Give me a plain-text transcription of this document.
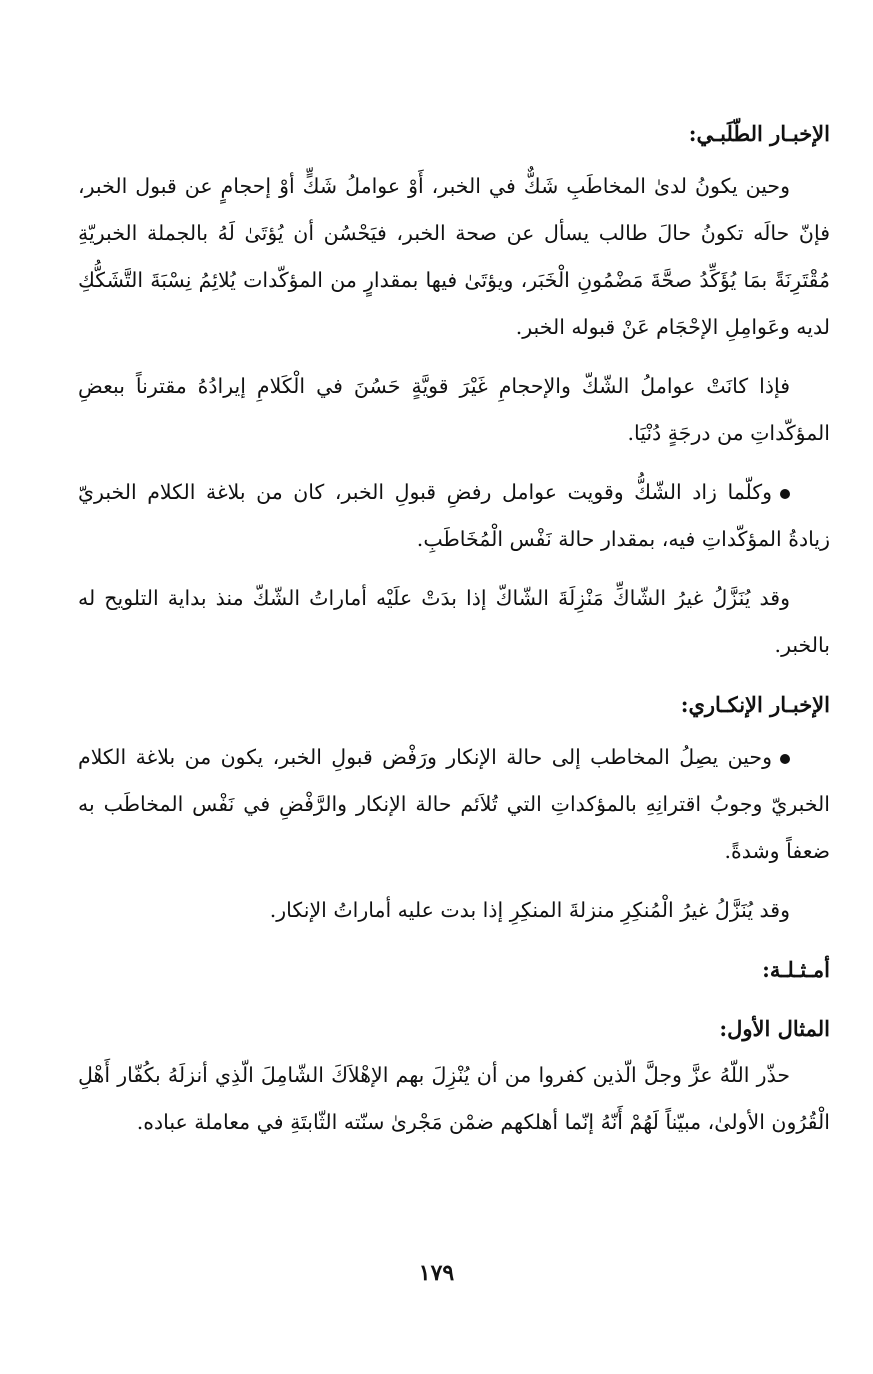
الإخبـار الطّلَبـي:

وحين يكونُ لدىٰ المخاطَبِ شَكٌّ في الخبر، أَوْ عواملُ شَكٍّ أوْ إحجامٍ عن قبول الخبر، فإنّ حالَه تكونُ حالَ طالب يسأل عن صحة الخبر، فيَحْسُن أن يُؤتَىٰ لَهُ بالجملة الخبريّةِ مُقْتَرِنَةً بمَا يُؤَكِّدُ صحَّةَ مَضْمُونِ الْخَبَر، ويؤتَىٰ فيها بمقدارٍ من المؤكّدات يُلائِمُ نِسْبَةَ التَّشَكُّكِ لديه وعَوامِلِ الإحْجَام عَنْ قبوله الخبر.

فإذا كانَتْ عواملُ الشّكّ والإحجامِ غَيْرَ قويَّةٍ حَسُنَ في الْكَلامِ إيرادُهُ مقترناً ببعضِ المؤكّداتِ من درجَةٍ دُنْيَا.

وكلّما زاد الشّكُّ وقويت عوامل رفضِ قبولِ الخبر، كان من بلاغة الكلام الخبريّ زيادةُ المؤكّداتِ فيه، بمقدار حالة نَفْس الْمُخَاطَبِ.

وقد يُنَزَّلُ غيرُ الشّاكِّ مَنْزِلَةَ الشّاكّ إذا بدَتْ علَيْه أماراتُ الشّكّ منذ بداية التلويح له بالخبر.

الإخبـار الإنكـاري:

وحين يصِلُ المخاطب إلى حالة الإنكار ورَفْض قبولِ الخبر، يكون من بلاغة الكلام الخبريّ وجوبُ اقترانِهِ بالمؤكداتِ التي تُلاَئم حالة الإنكار والرَّفْضِ في نَفْس المخاطَب به ضعفاً وشدةً.

وقد يُنَزَّلُ غيرُ الْمُنكِرِ منزلةَ المنكِرِ إذا بدت عليه أماراتُ الإنكار.

أمـثـلـة:

المثال الأول:

حذّر اللّهُ عزَّ وجلَّ الّذين كفروا من أن يُنْزِلَ بهم الإهْلاَكَ الشّامِلَ الّذِي أنزلَهُ بكُفّار أَهْلِ الْقُرُون الأولىٰ، مبيّناً لَهُمْ أَنّهُ إنّما أهلكهم ضمْن مَجْرىٰ سنّته الثّابتَةِ في معاملة عباده.

١٧٩
